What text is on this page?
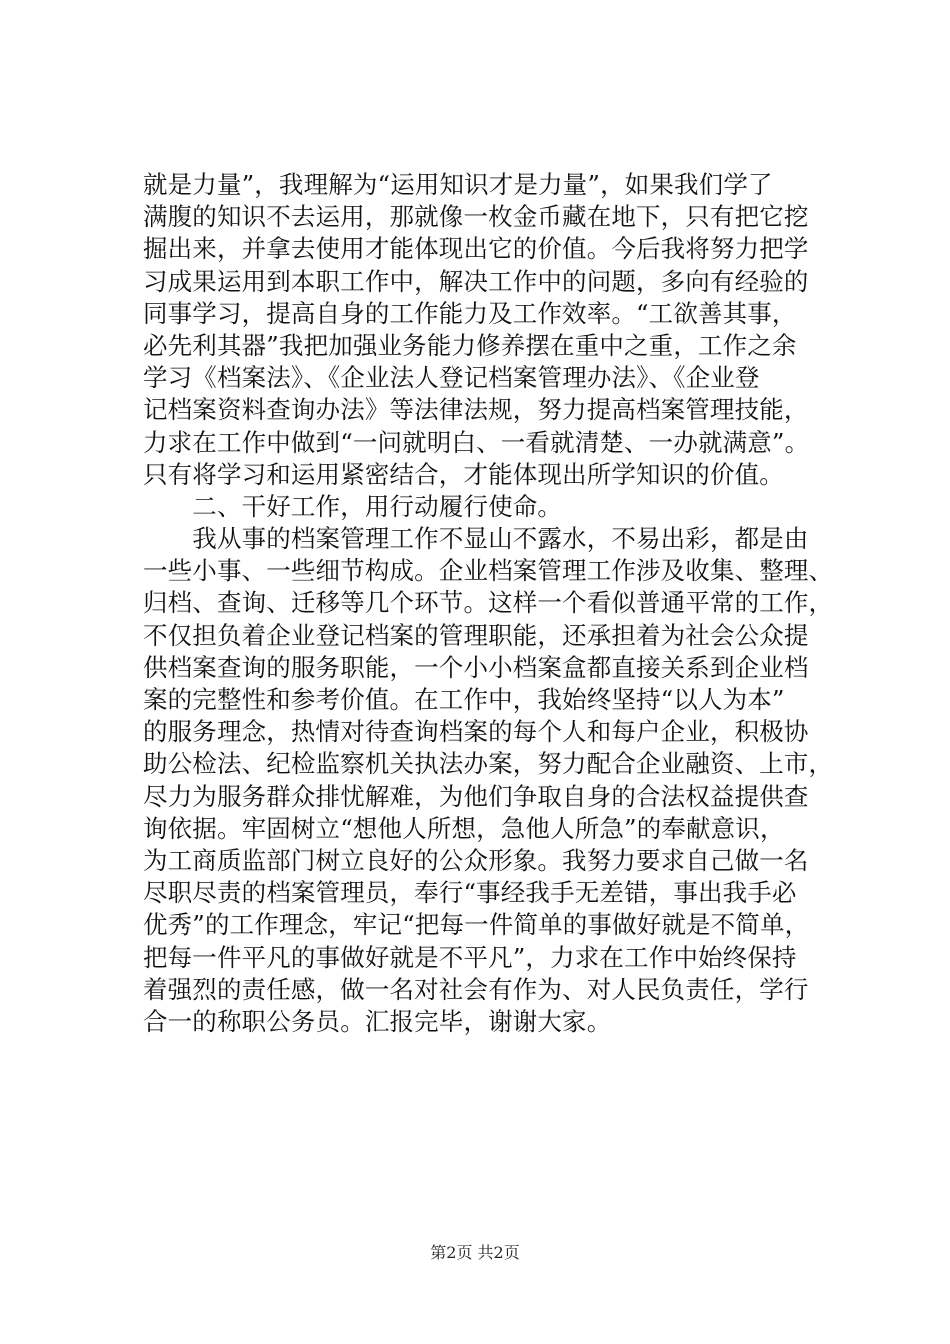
就是力量”，我理解为“运用知识才是力量”，如果我们学了
满腹的知识不去运用，那就像一枚金币藏在地下，只有把它挖
掘出来，并拿去使用才能体现出它的价值。今后我将努力把学
习成果运用到本职工作中，解决工作中的问题，多向有经验的
同事学习，提高自身的工作能力及工作效率。“工欲善其事，
必先利其器”我把加强业务能力修养摆在重中之重，工作之余
学习《档案法》、《企业法人登记档案管理办法》、《企业登
记档案资料查询办法》等法律法规，努力提高档案管理技能，
力求在工作中做到“一问就明白、一看就清楚、一办就满意”。
只有将学习和运用紧密结合，才能体现出所学知识的价值。
　　二、干好工作，用行动履行使命。
　　我从事的档案管理工作不显山不露水，不易出彩，都是由
一些小事、一些细节构成。企业档案管理工作涉及收集、整理、
归档、查询、迁移等几个环节。这样一个看似普通平常的工作，
不仅担负着企业登记档案的管理职能，还承担着为社会公众提
供档案查询的服务职能，一个小小档案盒都直接关系到企业档
案的完整性和参考价值。在工作中，我始终坚持“以人为本”
的服务理念，热情对待查询档案的每个人和每户企业，积极协
助公检法、纪检监察机关执法办案，努力配合企业融资、上市，
尽力为服务群众排忧解难，为他们争取自身的合法权益提供查
询依据。牢固树立“想他人所想，急他人所急”的奉献意识，
为工商质监部门树立良好的公众形象。我努力要求自己做一名
尽职尽责的档案管理员，奉行“事经我手无差错，事出我手必
优秀”的工作理念，牢记“把每一件简单的事做好就是不简单，
把每一件平凡的事做好就是不平凡”，力求在工作中始终保持
着强烈的责任感，做一名对社会有作为、对人民负责任，学行
合一的称职公务员。汇报完毕，谢谢大家。
第2页 共2页
